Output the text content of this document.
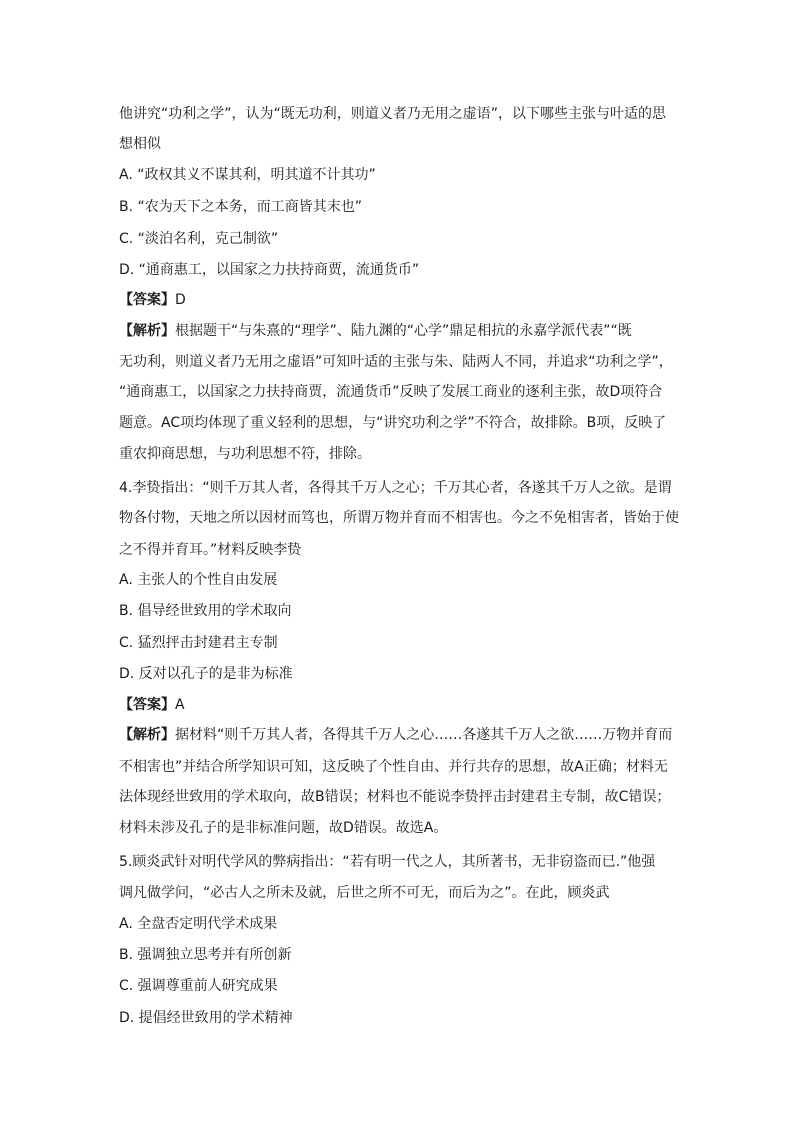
他讲究“功利之学”，认为“既无功利，则道义者乃无用之虚语”，以下哪些主张与叶适的思
想相似
A. “政权其义不谋其利，明其道不计其功”
B. “农为天下之本务，而工商皆其末也”
C. “淡泊名利，克己制欲”
D. “通商惠工，以国家之力扶持商贾，流通货币”
【答案】D
【解析】根据题干“与朱熹的“理学”、陆九渊的“心学”鼎足相抗的永嘉学派代表”“既
无功利，则道义者乃无用之虚语”可知叶适的主张与朱、陆两人不同，并追求“功利之学”，
“通商惠工，以国家之力扶持商贾，流通货币”反映了发展工商业的逐利主张，故D项符合
题意。AC项均体现了重义轻利的思想，与“讲究功利之学”不符合，故排除。B项，反映了
重农抑商思想，与功利思想不符，排除。
4.李贽指出：“则千万其人者，各得其千万人之心；千万其心者，各遂其千万人之欲。是谓
物各付物，天地之所以因材而笃也，所谓万物并育而不相害也。今之不免相害者，皆始于使
之不得并育耳。”材料反映李贽
A. 主张人的个性自由发展
B. 倡导经世致用的学术取向
C. 猛烈抨击封建君主专制
D. 反对以孔子的是非为标准
【答案】A
【解析】据材料“则千万其人者，各得其千万人之心……各遂其千万人之欲……万物并育而
不相害也”并结合所学知识可知，这反映了个性自由、并行共存的思想，故A正确；材料无
法体现经世致用的学术取向，故B错误；材料也不能说李贽抨击封建君主专制，故C错误；
材料未涉及孔子的是非标准问题，故D错误。故选A。
5.顾炎武针对明代学风的弊病指出：“若有明一代之人，其所著书，无非窃盗而已.”他强
调凡做学问，“必古人之所未及就，后世之所不可无，而后为之”。在此，顾炎武
A. 全盘否定明代学术成果
B. 强调独立思考并有所创新
C. 强调尊重前人研究成果
D. 提倡经世致用的学术精神
